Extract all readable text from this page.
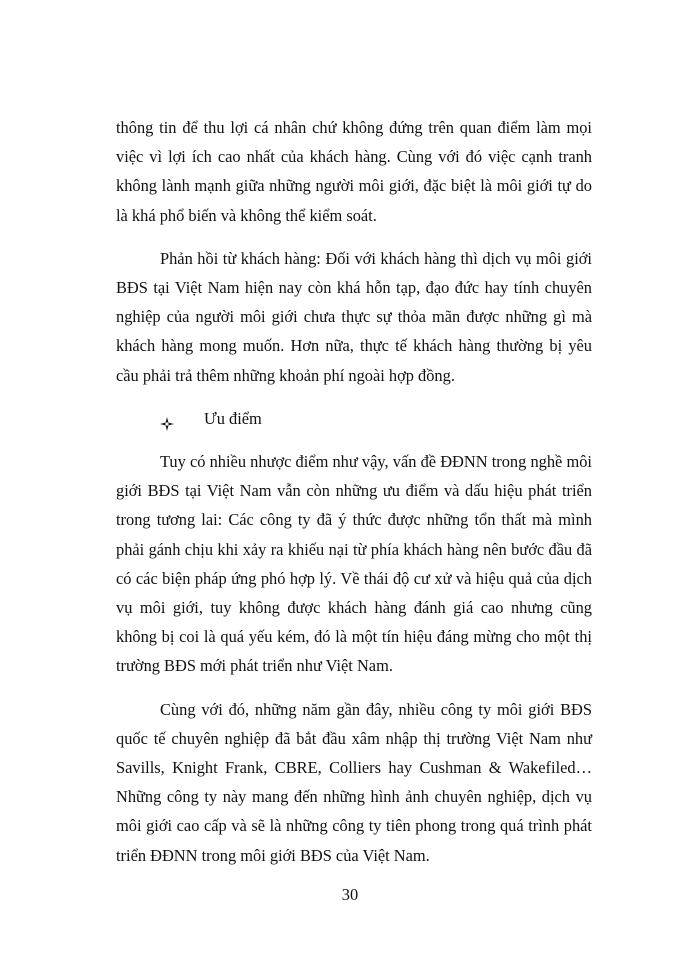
thông tin để thu lợi cá nhân chứ không đứng trên quan điểm làm mọi việc vì lợi ích cao nhất của khách hàng. Cùng với đó việc cạnh tranh không lành mạnh giữa những người môi giới, đặc biệt là môi giới tự do là khá phổ biến và không thể kiểm soát.

Phản hồi từ khách hàng: Đối với khách hàng thì dịch vụ môi giới BĐS tại Việt Nam hiện nay còn khá hỗn tạp, đạo đức hay tính chuyên nghiệp của người môi giới chưa thực sự thỏa mãn được những gì mà khách hàng mong muốn. Hơn nữa, thực tế khách hàng thường bị yêu cầu phải trả thêm những khoản phí ngoài hợp đồng.

Ưu điểm

Tuy có nhiều nhược điểm như vậy, vấn đề ĐĐNN trong nghề môi giới BĐS tại Việt Nam vẫn còn những ưu điểm và dấu hiệu phát triển trong tương lai: Các công ty đã ý thức được những tổn thất mà mình phải gánh chịu khi xảy ra khiếu nại từ phía khách hàng nên bước đầu đã có các biện pháp ứng phó hợp lý. Về thái độ cư xử và hiệu quả của dịch vụ môi giới, tuy không được khách hàng đánh giá cao nhưng cũng không bị coi là quá yếu kém, đó là một tín hiệu đáng mừng cho một thị trường BĐS mới phát triển như Việt Nam.

Cùng với đó, những năm gần đây, nhiều công ty môi giới BĐS quốc tế chuyên nghiệp đã bắt đầu xâm nhập thị trường Việt Nam như Savills, Knight Frank, CBRE, Colliers hay Cushman & Wakefiled… Những công ty này mang đến những hình ảnh chuyên nghiệp, dịch vụ môi giới cao cấp và sẽ là những công ty tiên phong trong quá trình phát triển ĐĐNN trong môi giới BĐS của Việt Nam.

30
